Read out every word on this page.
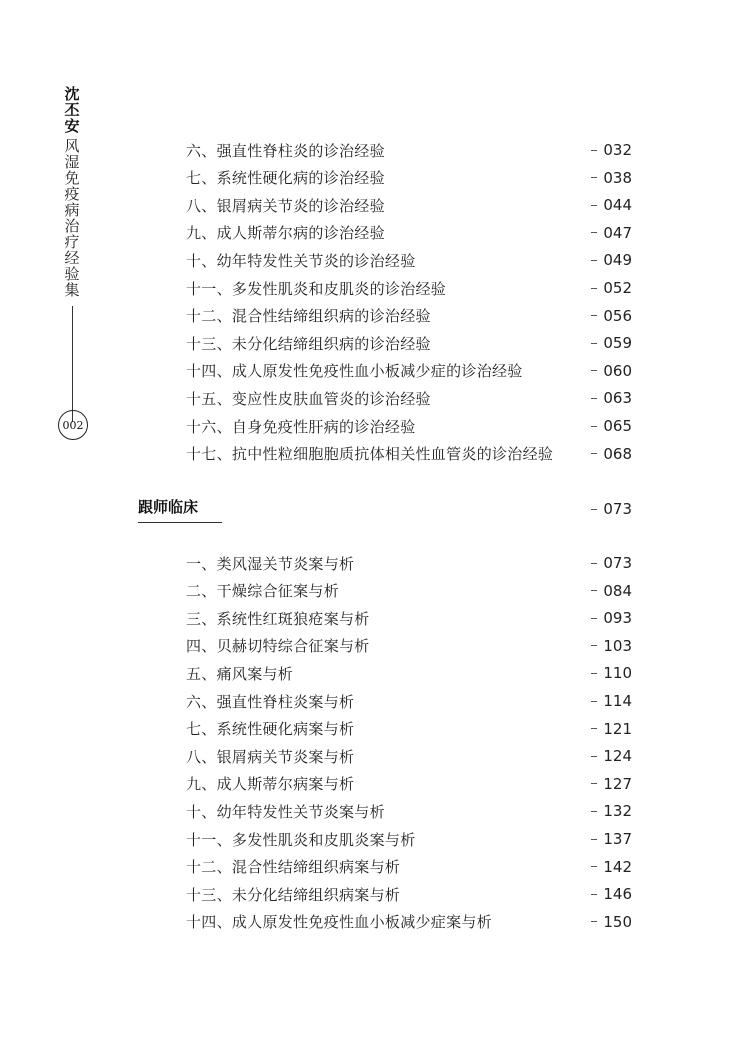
沈丕安
风湿免疫病治疗经验集
002
六、强直性脊柱炎的诊治经验	032
七、系统性硬化病的诊治经验	038
八、银屑病关节炎的诊治经验	044
九、成人斯蒂尔病的诊治经验	047
十、幼年特发性关节炎的诊治经验	049
十一、多发性肌炎和皮肌炎的诊治经验	052
十二、混合性结缔组织病的诊治经验	056
十三、未分化结缔组织病的诊治经验	059
十四、成人原发性免疫性血小板减少症的诊治经验	060
十五、变应性皮肤血管炎的诊治经验	063
十六、自身免疫性肝病的诊治经验	065
十七、抗中性粒细胞胞质抗体相关性血管炎的诊治经验	068
跟师临床	073
一、类风湿关节炎案与析	073
二、干燥综合征案与析	084
三、系统性红斑狼疮案与析	093
四、贝赫切特综合征案与析	103
五、痛风案与析	110
六、强直性脊柱炎案与析	114
七、系统性硬化病案与析	121
八、银屑病关节炎案与析	124
九、成人斯蒂尔病案与析	127
十、幼年特发性关节炎案与析	132
十一、多发性肌炎和皮肌炎案与析	137
十二、混合性结缔组织病案与析	142
十三、未分化结缔组织病案与析	146
十四、成人原发性免疫性血小板减少症案与析	150
